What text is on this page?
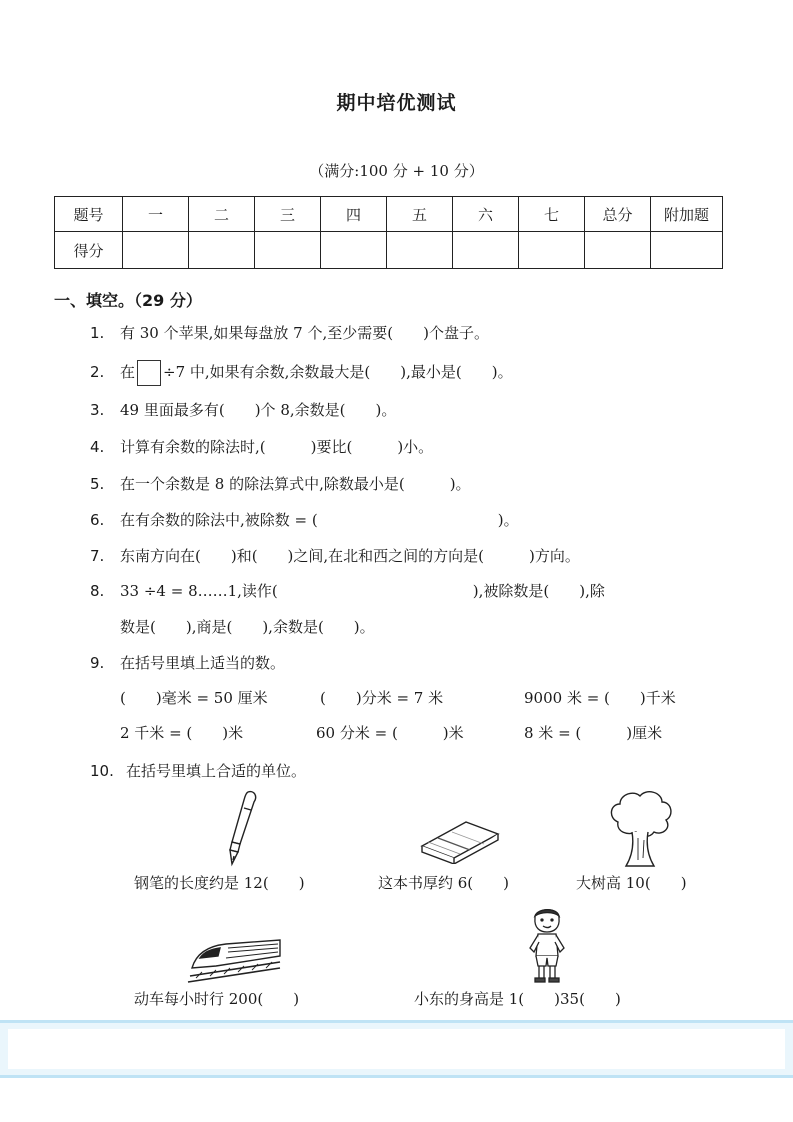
期中培优测试
（满分:100 分 + 10 分）
题号	一	二	三	四	五	六	七	总分	附加题
得分									
一、填空。（29 分）
1. 有 30 个苹果,如果每盘放 7 个,至少需要(　　)个盘子。
2. 在 ÷7 中,如果有余数,余数最大是(　　),最小是(　　)。
3. 49 里面最多有(　　)个 8,余数是(　　)。
4. 计算有余数的除法时,(　　　)要比(　　　)小。
5. 在一个余数是 8 的除法算式中,除数最小是(　　　)。
6. 在有余数的除法中,被除数 = (　　　　　　　　　　　　)。
7. 东南方向在(　　)和(　　)之间,在北和西之间的方向是(　　　)方向。
8. 33 ÷4 = 8……1,读作(　　　　　　　　　　　　　),被除数是(　　),除
数是(　　),商是(　　),余数是(　　)。
9. 在括号里填上适当的数。
(　　)毫米 = 50 厘米	(　　)分米 = 7 米	9000 米 = (　　)千米
2 千米 = (　　)米	60 分米 = (　　　)米	8 米 = (　　　)厘米
10. 在括号里填上合适的单位。
钢笔的长度约是 12(　　)	这本书厚约 6(　　)	大树高 10(　　)
动车每小时行 200(　　)	小东的身高是 1(　　)35(　　)
